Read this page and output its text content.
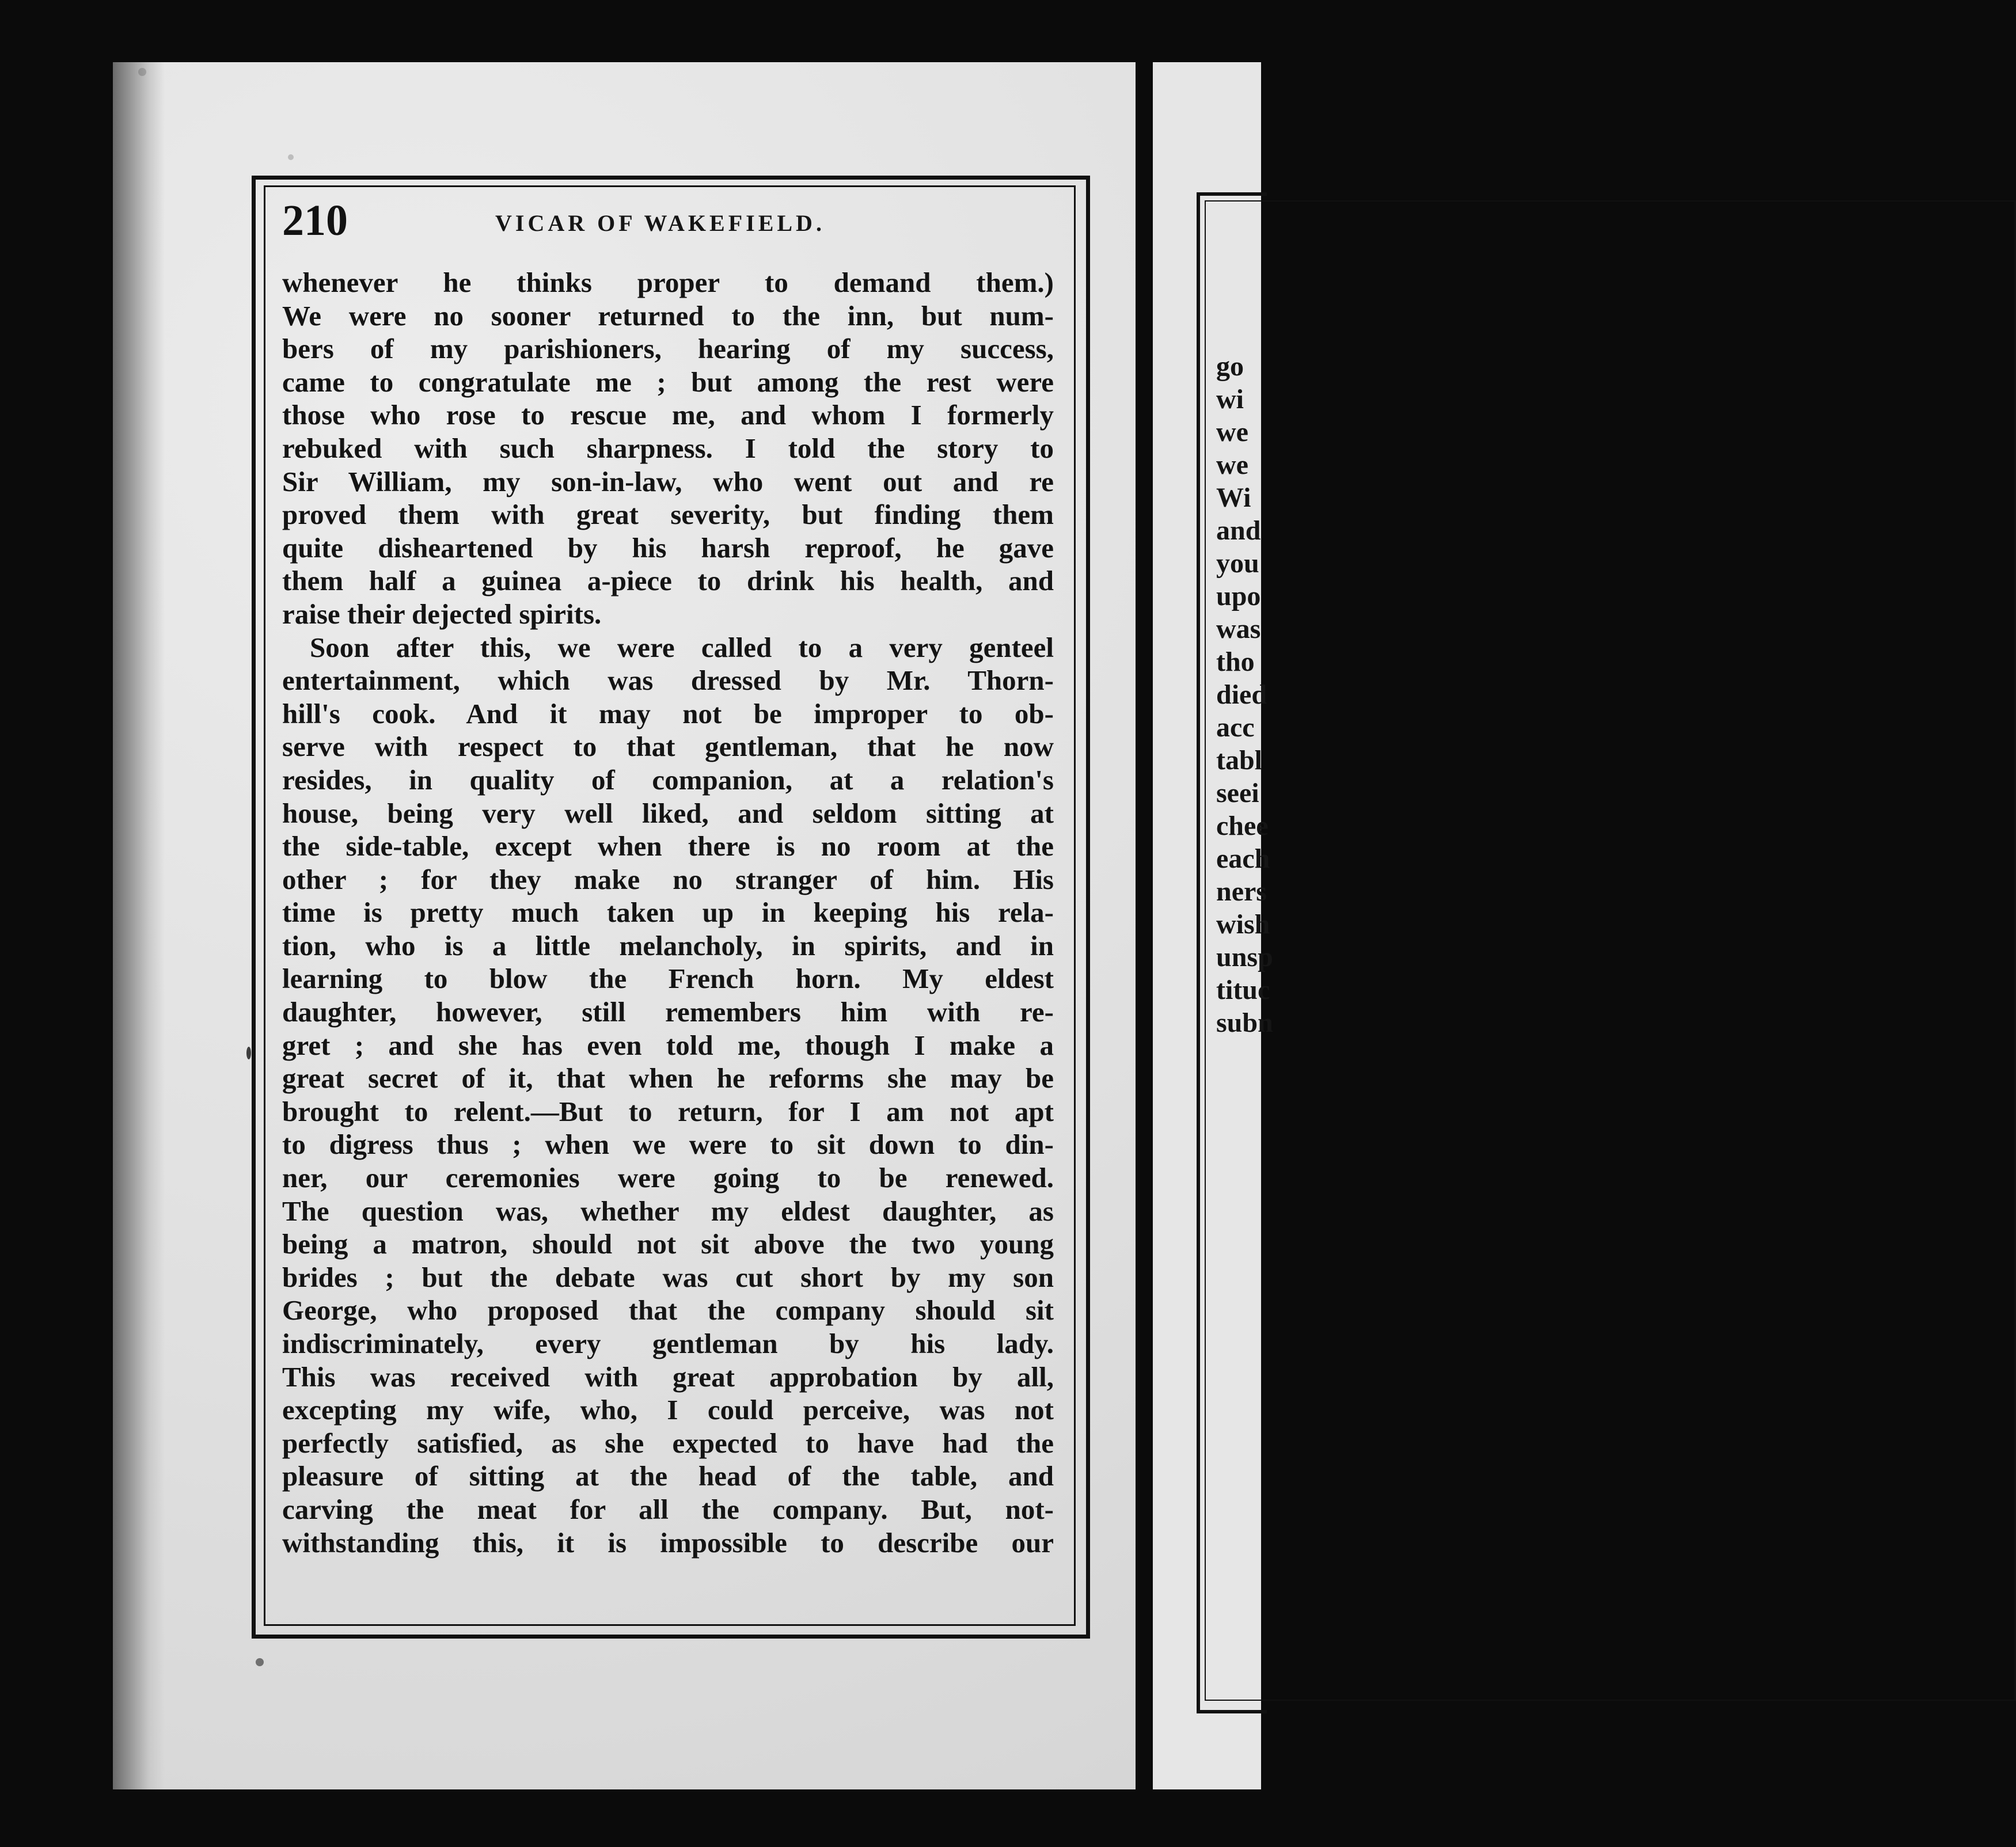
210	VICAR OF WAKEFIELD.
whenever he thinks proper to demand them.)
We were no sooner returned to the inn, but num-
bers of my parishioners, hearing of my success,
came to congratulate me ; but among the rest were
those who rose to rescue me, and whom I formerly
rebuked with such sharpness. I told the story to
Sir William, my son-in-law, who went out and re
proved them with great severity, but finding them
quite disheartened by his harsh reproof, he gave
them half a guinea a-piece to drink his health, and
raise their dejected spirits.
Soon after this, we were called to a very genteel
entertainment, which was dressed by Mr. Thorn-
hill's cook. And it may not be improper to ob-
serve with respect to that gentleman, that he now
resides, in quality of companion, at a relation's
house, being very well liked, and seldom sitting at
the side-table, except when there is no room at the
other ; for they make no stranger of him. His
time is pretty much taken up in keeping his rela-
tion, who is a little melancholy, in spirits, and in
learning to blow the French horn. My eldest
daughter, however, still remembers him with re-
gret ; and she has even told me, though I make a
great secret of it, that when he reforms she may be
brought to relent.—But to return, for I am not apt
to digress thus ; when we were to sit down to din-
ner, our ceremonies were going to be renewed.
The question was, whether my eldest daughter, as
being a matron, should not sit above the two young
brides ; but the debate was cut short by my son
George, who proposed that the company should sit
indiscriminately, every gentleman by his lady.
This was received with great approbation by all,
excepting my wife, who, I could perceive, was not
perfectly satisfied, as she expected to have had the
pleasure of sitting at the head of the table, and
carving the meat for all the company. But, not-
withstanding this, it is impossible to describe our
go
wi
we
we
Wi
and
you
upo
was
tho
died
acc
tabl
seei
chee
each
ners
wish
unsp
tituc
subn
